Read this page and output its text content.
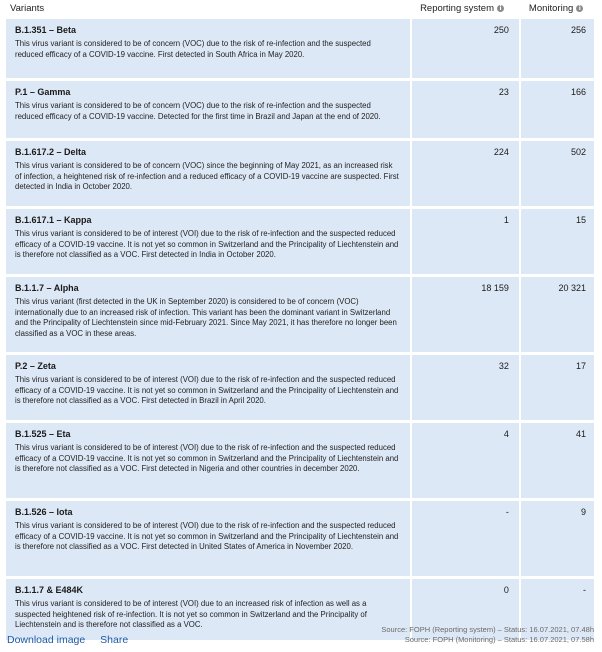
Variants	Reporting system i	Monitoring i

B.1.351 – Beta
This virus variant is considered to be of concern (VOC) due to the risk of re-infection and the suspected reduced efficacy of a COVID-19 vaccine. First detected in South Africa in May 2020.	250	256

P.1 – Gamma
This virus variant is considered to be of concern (VOC) due to the risk of re-infection and the suspected reduced efficacy of a COVID-19 vaccine. Detected for the first time in Brazil and Japan at the end of 2020.	23	166

B.1.617.2 – Delta
This virus variant is considered to be of concern (VOC) since the beginning of May 2021, as an increased risk of infection, a heightened risk of re-infection and a reduced efficacy of a COVID-19 vaccine are suspected. First detected in India in October 2020.	224	502

B.1.617.1 – Kappa
This virus variant is considered to be of interest (VOI) due to the risk of re-infection and the suspected reduced efficacy of a COVID-19 vaccine. It is not yet so common in Switzerland and the Principality of Liechtenstein and is therefore not classified as a VOC. First detected in India in October 2020.	1	15

B.1.1.7 – Alpha
This virus variant (first detected in the UK in September 2020) is considered to be of concern (VOC) internationally due to an increased risk of infection. This variant has been the dominant variant in Switzerland and the Principality of Liechtenstein since mid-February 2021. Since May 2021, it has therefore no longer been classified as a VOC in these areas.	18 159	20 321

P.2 – Zeta
This virus variant is considered to be of interest (VOI) due to the risk of re-infection and the suspected reduced efficacy of a COVID-19 vaccine. It is not yet so common in Switzerland and the Principality of Liechtenstein and is therefore not classified as a VOC. First detected in Brazil in April 2020.	32	17

B.1.525 – Eta
This virus variant is considered to be of interest (VOI) due to the risk of re-infection and the suspected reduced efficacy of a COVID-19 vaccine. It is not yet so common in Switzerland and the Principality of Liechtenstein and is therefore not classified as a VOC. First detected in Nigeria and other countries in december 2020.	4	41

B.1.526 – Iota
This virus variant is considered to be of interest (VOI) due to the risk of re-infection and the suspected reduced efficacy of a COVID-19 vaccine. It is not yet so common in Switzerland and the Principality of Liechtenstein and is therefore not classified as a VOC. First detected in United States of America in November 2020.	-	9

B.1.1.7 & E484K
This virus variant is considered to be of interest (VOI) due to an increased risk of infection as well as a suspected heightened risk of re-infection. It is not yet so common in Switzerland and the Principality of Liechtenstein and is therefore not classified as a VOC.	0	-
Download image Share
Source: FOPH (Reporting system) – Status: 16.07.2021, 07.48h
Source: FOPH (Monitoring) – Status: 16.07.2021, 07.58h
